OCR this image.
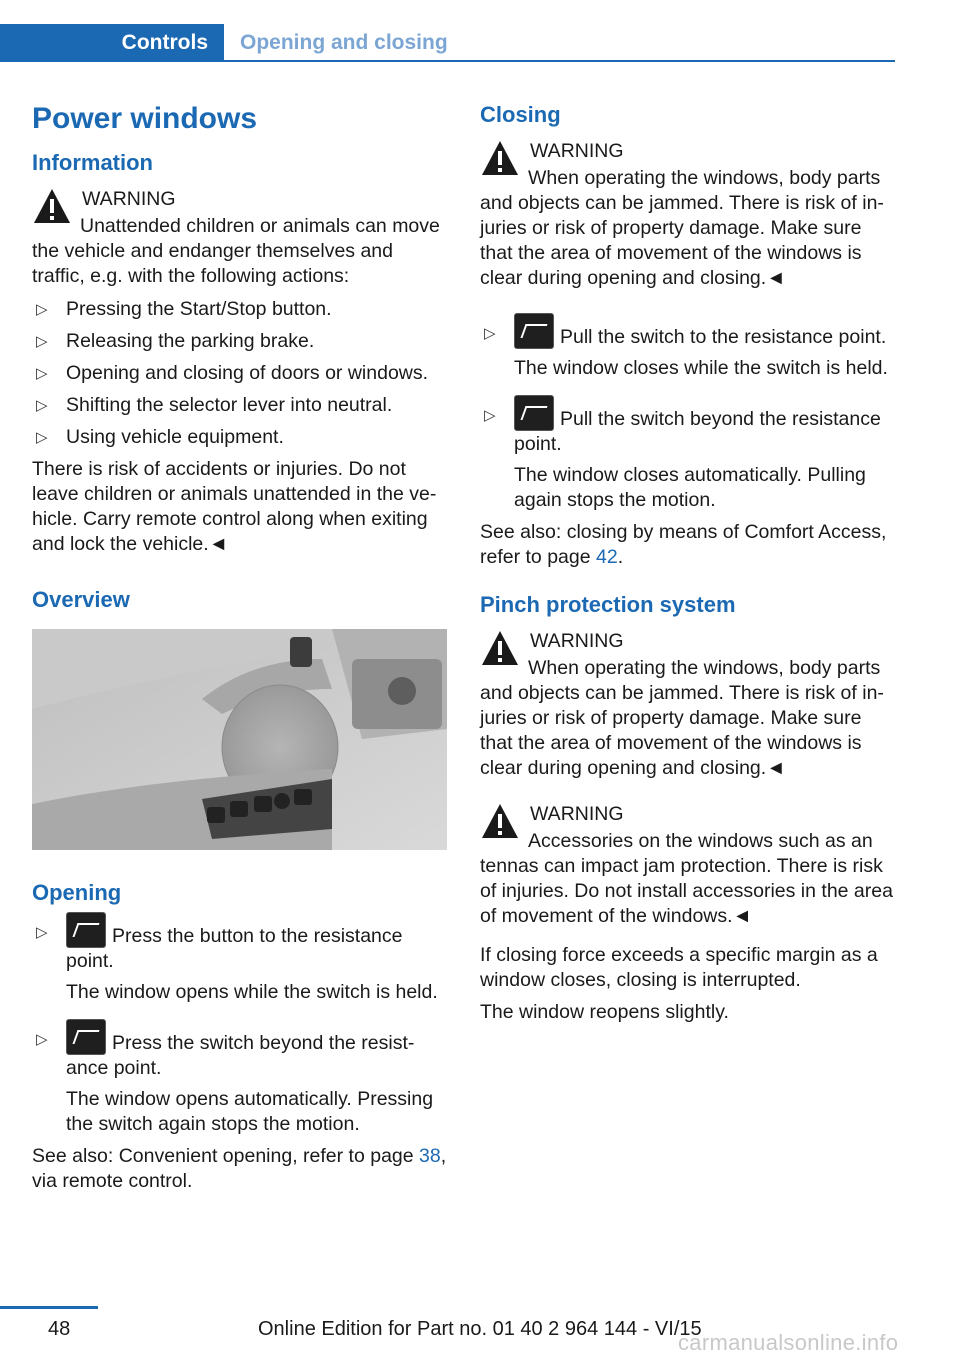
Controls Opening and closing
Power windows
Information
WARNING
Unattended children or animals can move the vehicle and endanger themselves and traffic, e.g. with the following actions:
▷ Pressing the Start/Stop button.
▷ Releasing the parking brake.
▷ Opening and closing of doors or windows.
▷ Shifting the selector lever into neutral.
▷ Using vehicle equipment.
There is risk of accidents or injuries. Do not leave children or animals unattended in the vehicle. Carry remote control along when exiting and lock the vehicle.◄
Overview
Opening
▷	Press the button to the resistance point.
The window opens while the switch is held.
▷	Press the switch beyond the resistance point.
The window opens automatically. Pressing the switch again stops the motion.
See also: Convenient opening, refer to page 38, via remote control.
Closing
WARNING
When operating the windows, body parts and objects can be jammed. There is risk of injuries or risk of property damage. Make sure that the area of movement of the windows is clear during opening and closing.◄
▷	Pull the switch to the resistance point.
The window closes while the switch is held.
▷	Pull the switch beyond the resistance point.
The window closes automatically. Pulling again stops the motion.
See also: closing by means of Comfort Access, refer to page 42.
Pinch protection system
WARNING
When operating the windows, body parts and objects can be jammed. There is risk of injuries or risk of property damage. Make sure that the area of movement of the windows is clear during opening and closing.◄
WARNING
Accessories on the windows such as an tennas can impact jam protection. There is risk of injuries. Do not install accessories in the area of movement of the windows.◄
If closing force exceeds a specific margin as a window closes, closing is interrupted.
The window reopens slightly.
48	Online Edition for Part no. 01 40 2 964 144 - VI/15
carmanualsonline.info
